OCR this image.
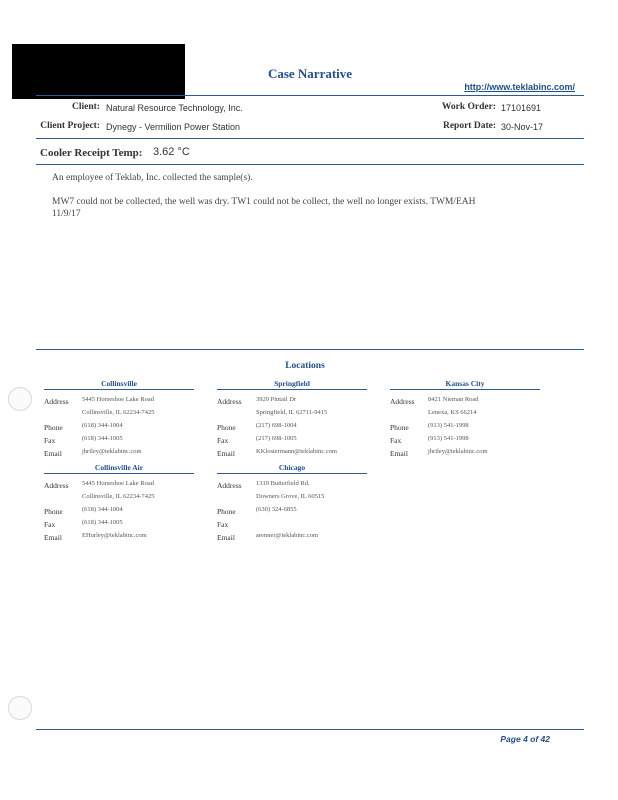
Case Narrative
http://www.teklabinc.com/
Client: Natural Resource Technology, Inc.
Client Project: Dynegy - Vermilion Power Station
Work Order: 17101691
Report Date: 30-Nov-17
Cooler Receipt Temp: 3.62 °C
An employee of Teklab, Inc. collected the sample(s).
MW7 could not be collected, the well was dry. TW1 could not be collect, the well no longer exists. TWM/EAH
11/9/17
Locations
Collinsville
Address 5445 Horseshoe Lake Road
Collinsville, IL 62234-7425
Phone	(618) 344-1004
Fax	(618) 344-1005
Email	jhriley@teklabinc.com
Springfield
Address 3920 Pintail Dr
Springfield, IL 62711-9415
Phone	(217) 698-1004
Fax	(217) 698-1005
Email	KKlostermann@teklabinc.com
Kansas City
Address 8421 Nieman Road
Lenexa, KS 66214
Phone	(913) 541-1998
Fax	(913) 541-1998
Email	jhriley@teklabinc.com
Collinsville Air
Address 5445 Horseshoe Lake Road
Collinsville, IL 62234-7425
Phone	(618) 344-1004
Fax	(618) 344-1005
Email	EHurley@teklabinc.com
Chicago
Address 1319 Butterfield Rd.
Downers Grove, IL 60515
Phone	(630) 324-6855
Fax
Email	arenner@teklabinc.com
Page 4 of 42
